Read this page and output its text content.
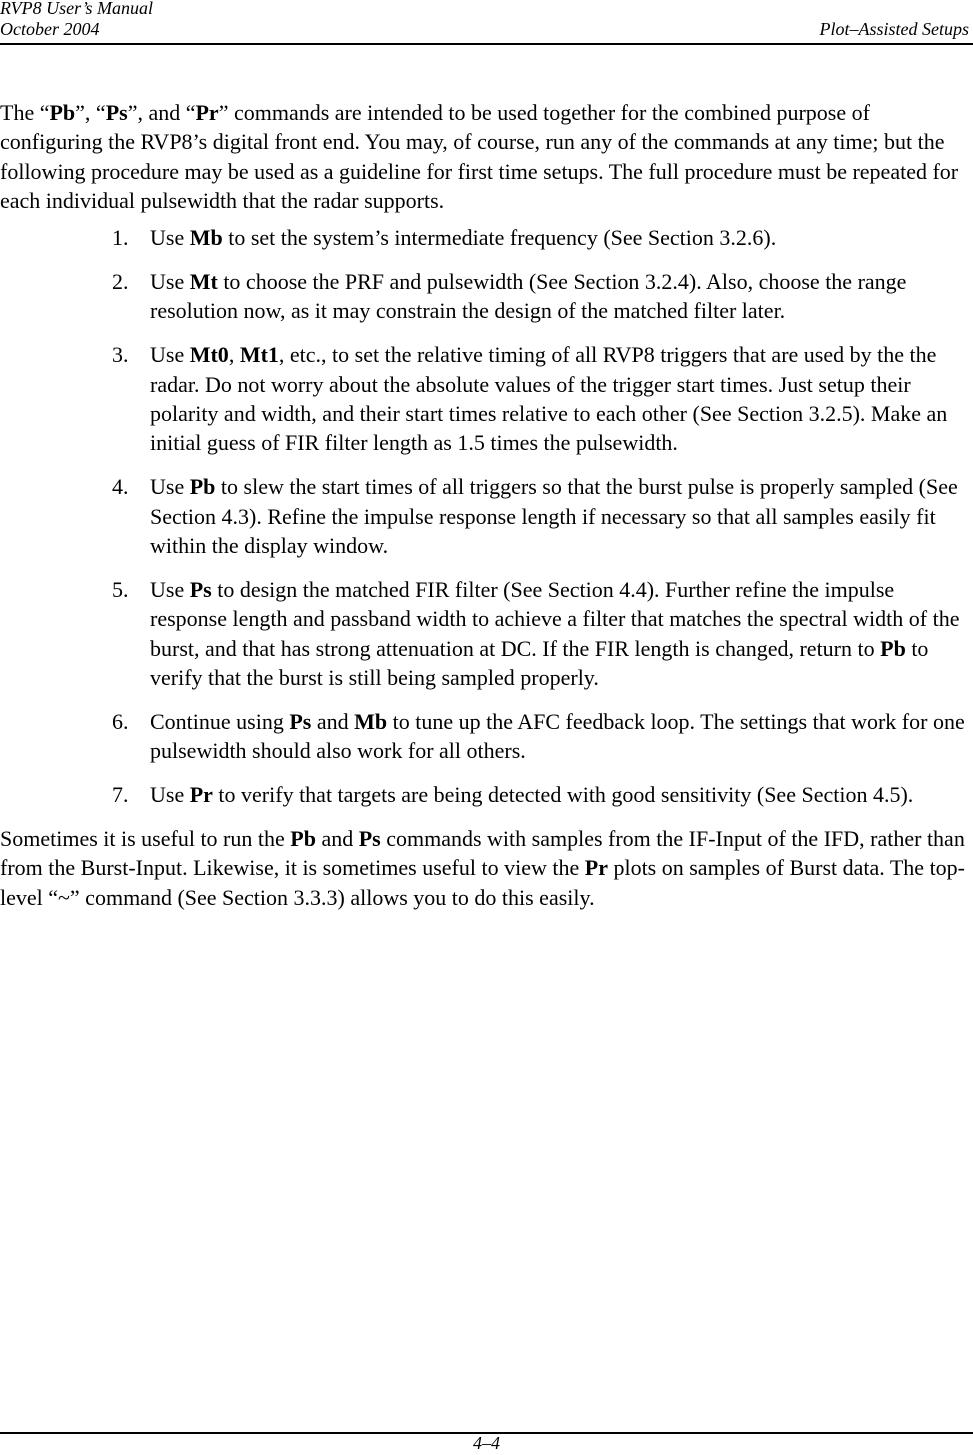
RVP8 User’s Manual
October 2004	Plot–Assisted Setups

The “Pb”, “Ps”, and “Pr” commands are intended to be used together for the combined purpose of configuring the RVP8’s digital front end. You may, of course, run any of the commands at any time; but the following procedure may be used as a guideline for first time setups. The full procedure must be repeated for each individual pulsewidth that the radar supports.

1. Use Mb to set the system’s intermediate frequency (See Section 3.2.6).
2. Use Mt to choose the PRF and pulsewidth (See Section 3.2.4). Also, choose the range resolution now, as it may constrain the design of the matched filter later.
3. Use Mt0, Mt1, etc., to set the relative timing of all RVP8 triggers that are used by the the radar. Do not worry about the absolute values of the trigger start times. Just setup their polarity and width, and their start times relative to each other (See Section 3.2.5). Make an initial guess of FIR filter length as 1.5 times the pulsewidth.
4. Use Pb to slew the start times of all triggers so that the burst pulse is properly sampled (See Section 4.3). Refine the impulse response length if necessary so that all samples easily fit within the display window.
5. Use Ps to design the matched FIR filter (See Section 4.4). Further refine the impulse response length and passband width to achieve a filter that matches the spectral width of the burst, and that has strong attenuation at DC. If the FIR length is changed, return to Pb to verify that the burst is still being sampled properly.
6. Continue using Ps and Mb to tune up the AFC feedback loop. The settings that work for one pulsewidth should also work for all others.
7. Use Pr to verify that targets are being detected with good sensitivity (See Section 4.5).

Sometimes it is useful to run the Pb and Ps commands with samples from the IF-Input of the IFD, rather than from the Burst-Input. Likewise, it is sometimes useful to view the Pr plots on samples of Burst data. The top-level “~” command (See Section 3.3.3) allows you to do this easily.

4–4
